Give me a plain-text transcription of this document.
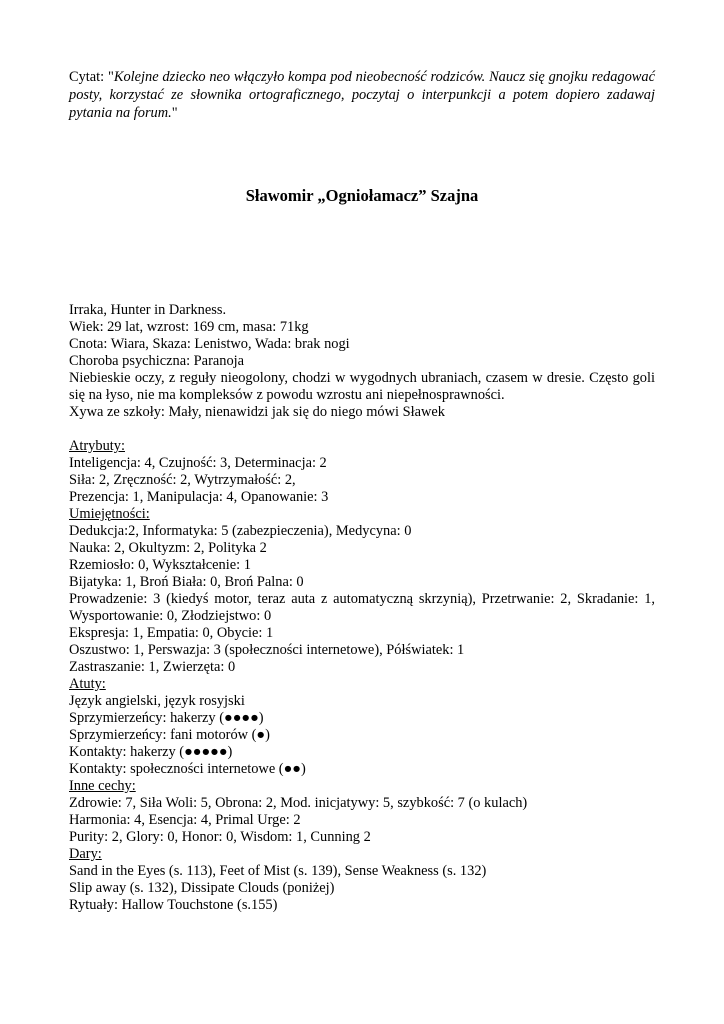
Cytat: "Kolejne dziecko neo włączyło kompa pod nieobecność rodziców. Naucz się gnojku redagować posty, korzystać ze słownika ortograficznego, poczytaj o interpunkcji a potem dopiero zadawaj pytania na forum."
Sławomir „Ogniołamacz” Szajna
Irraka, Hunter in Darkness.
Wiek: 29 lat, wzrost: 169 cm, masa: 71kg
Cnota: Wiara, Skaza: Lenistwo, Wada: brak nogi
Choroba psychiczna: Paranoja
Niebieskie oczy, z reguły nieogolony, chodzi w wygodnych ubraniach, czasem w dresie. Często goli się na łyso, nie ma kompleksów z powodu wzrostu ani niepełnosprawności.
Xywa ze szkoły: Mały, nienawidzi jak się do niego mówi Sławek
Atrybuty:
Inteligencja: 4, Czujność: 3, Determinacja: 2
Siła: 2, Zręczność: 2, Wytrzymałość: 2,
Prezencja: 1, Manipulacja: 4, Opanowanie: 3
Umiejętności:
Dedukcja:2, Informatyka: 5 (zabezpieczenia), Medycyna: 0
Nauka: 2, Okultyzm: 2, Polityka 2
Rzemiosło: 0, Wykształcenie: 1
Bijatyka: 1, Broń Biała: 0, Broń Palna: 0
Prowadzenie: 3 (kiedyś motor, teraz auta z automatyczną skrzynią), Przetrwanie: 2, Skradanie: 1, Wysportowanie: 0, Złodziejstwo: 0
Ekspresja: 1, Empatia: 0, Obycie: 1
Oszustwo: 1, Perswazja: 3 (społeczności internetowe), Półświatek: 1
Zastraszanie: 1, Zwierzęta: 0
Atuty:
Język angielski, język rosyjski
Sprzymierzeńcy: hakerzy (●●●●)
Sprzymierzeńcy: fani motorów (●)
Kontakty: hakerzy (●●●●●)
Kontakty: społeczności internetowe (●●)
Inne cechy:
Zdrowie: 7, Siła Woli: 5, Obrona: 2, Mod. inicjatywy: 5, szybkość: 7 (o kulach)
Harmonia: 4, Esencja: 4, Primal Urge: 2
Purity: 2, Glory: 0, Honor: 0, Wisdom: 1, Cunning 2
Dary:
Sand in the Eyes (s. 113), Feet of Mist (s. 139), Sense Weakness (s. 132)
Slip away (s. 132), Dissipate Clouds (poniżej)
Rytuały: Hallow Touchstone (s.155)
